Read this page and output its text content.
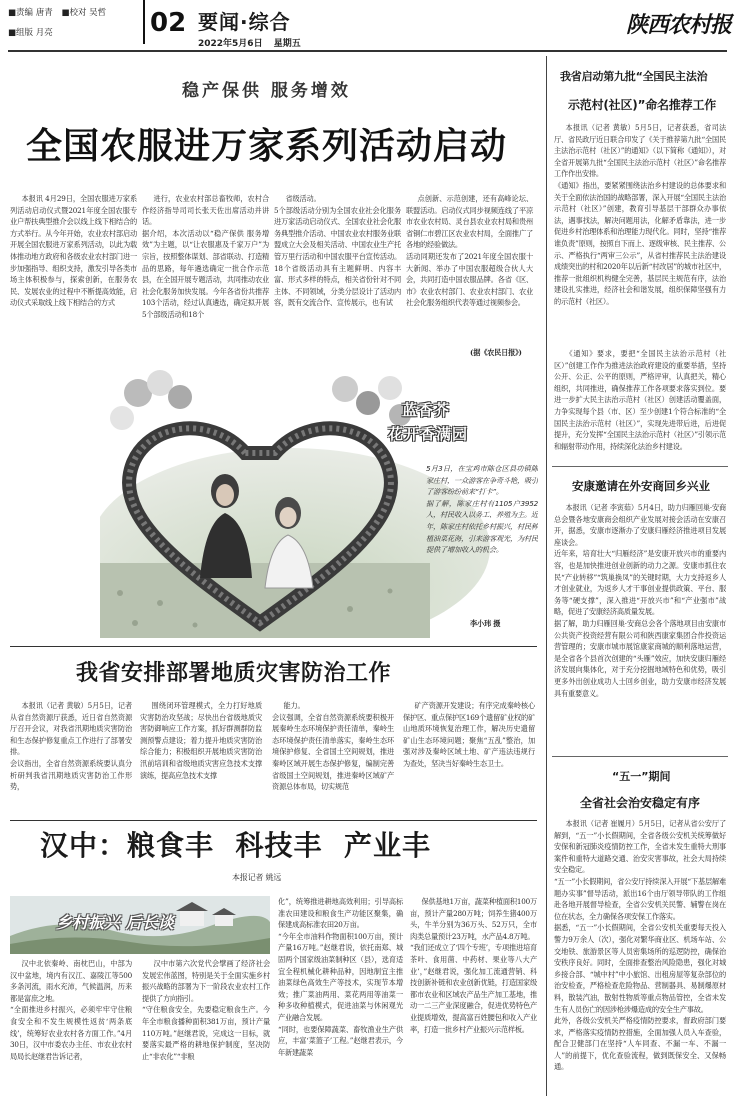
■责编 唐青 ■校对 吴哲
■组版 月亮	02 要闻·综合
2022年5月6日 星期五
陕西农村报
稳产保供 服务增效
全国农服进万家系列活动启动
本报讯 4月29日，全国农服进万家系列活动启动仪式暨2021年度全国农服专业户帮扶典型推介会以线上线下相结合的方式举行。从今年开始，农业农村部启动开展全国农服进万家系列活动，以此为载体推动地方政府和各级农业农村部门进一步加强指导、组织支持，激发引导各类市场主体积极参与，探索创新，在服务农民、发展农业的过程中不断提高效能，启动仪式采取线上线下相结合的方式
进行，农业农村部总畜牧师，农村合作经济指导司司长张天佐出席活动并讲话。
据介绍，本次活动以“稳产保供 服务增效”为主题，以“让农服惠及千家万户”为宗旨，按照整体谋划、部省联动、打造精品的思路，每年遴选确定一批合作示范县，在全国开展专题活动，共同推动农业社会化服务加快发展。今年各省份共推荐103个活动，经过认真遴选，确定拟开展5个部级活动和18个
省级活动。
5个部级活动分别为全国农业社会化服务进万家活动启动仪式、全国农业社会化服务典型推介活动、中国农业农村服务业联盟成立大会及相关活动、中国农业生产托管万里行活动和中国农服平台宣传活动。18个省级活动具有主题鲜明、内容丰富、形式多样的特点，相关省份针对不同主体、不同领域，分类分层设计了活动内容，既有交流合作、宣传展示，也有试
点创新、示范创建，还有高峰论坛、联盟活动。启动仪式同步视频连线了平凉市农业农村局、灵台县农业农村局和贵州省铜仁市碧江区农业农村局，全面推广了各地的经验做法。
活动同期还发布了2021年度全国农服十大新闻、举办了中国农服超级合伙人大会，共同打造中国农服品牌。各省《区、市》农业农村部门、农业农村部门、农业社会化服务组织代表等通过视频参会。
(据《农民日报》)
蓝香芥
花开香满园
5月3日，在宝鸡市陈仓区县功镇陈家庄村，一众游客在争奇斗艳，吸引了游客纷纷前来“打卡”。
据了解，陈家庄村有1105户3952人，村民收入以务工、养殖为主。近年，陈家庄村依托乡村振兴，村民种植油菜花海，引来游客观光，为村民提供了增加收入的机会。
李小玮 摄
我省安排部署地质灾害防治工作
本报讯（记者 黄敏）5月5日，记者从省自然资源厅获悉，近日省自然资源厅召开会议，对我省汛期地质灾害防治和生态保护修复重点工作进行了部署安排。
会议指出，全省自然资源系统要认真分析研判我省汛期地质灾害防治工作形势，
围绕闭环管理模式，全力打好地质灾害防治攻坚战；尽快出台省级地质灾害防御响应工作方案，抓好群测群防监测预警点建设；着力提升地质灾害防治综合能力；积极组织开展地质灾害防治汛前培训和省级地质灾害应急技术支撑演练，提高应急技术支撑
能力。
会议强调，全省自然资源系统要积极开展秦岭生态环境保护责任清单，秦岭生态环境保护责任清单落实，秦岭生态环境保护修复、全省国土空间规划，推进秦岭区域开展生态保护修复，编制完善省级国土空间规划，推进秦岭区域矿产资源总体布局，切实规范
矿产资源开发建设；有序完成秦岭核心保护区、重点保护区169个遗留矿业权的矿山地质环境恢复治理工作，解决历史遗留矿山生态环境问题；聚焦“五乱”整治，加强对涉及秦岭区域土地、矿产违法违规行为查处，坚决当好秦岭生态卫士。
汉中：粮食丰  科技丰  产业丰
本报记者 姚远
乡村振兴 后长谈
汉中北依秦岭、南枕巴山，中部为汉中盆地，境内有汉江、嘉陵江等500多条河流，雨水充沛，气候温润，历来都是富庶之地。
“全面推进乡村振兴，必须牢牢守住粮食安全和不发生规模性返贫‘两条底线’，统筹好农业农村各方面工作。”4月30日，汉中市委农办主任、市农业农村局局长赵继君告诉记者，
汉中市第六次党代会擘画了经济社会发展宏伟蓝图，特别是关于全面实施乡村振兴战略的部署为下一阶段农业农村工作提供了方向指引。
“守住粮食安全，先要稳定粮食生产。今年全市粮食播种面积381万亩，预计产量110万吨。”赵继君说，完成这一目标，就要落实最严格的耕地保护制度，坚决防止“非农化”“非粮
化”，统筹推进耕地高效利用；引导高标准农田建设和粮食生产功能区聚集，确保建成高标准农田20万亩。
“今年全市油料作物面积100万亩，预计产量16万吨。”赵继君说，依托南郑、城固两个国家级油菜制种区（县），选育适宜全程机械化耕种品种，因地制宜主推油菜绿色高效生产等技术，实现节本增效；推广菜油两用、菜花两用等油菜一种多收种植模式，促进油菜与休闲观光产业融合发展。
“同时，也要保障蔬菜、畜牧渔业生产供应，丰富‘菜篮子’工程。”赵继君表示，今年新建蔬菜
保供基地1万亩，蔬菜种植面积100万亩，预计产量280万吨；饲养生猪400万头，牛羊分别为36万头、52万只，全市肉类总量预计23万吨，水产品4.8万吨。
“我们还成立了‘四个专班’，专项推进培育茶叶、食用菌、中药材、果业等八大产业’，”赵继君说，强化加工流通营销、科技创新补链和农业创新优链，打造国家级都市农业和区域农产品生产加工基地，推动一二三产业深度融合，促进优势特色产业提质增效，提高富百姓腰包和收入产业率，打造一批乡村产业振兴示范样板。
我省启动第九批“全国民主法治
示范村(社区)”命名推荐工作
本报讯（记者 黄敏）5月5日，记者获悉，省司法厅、省民政厅近日联合印发了《关于推荐第九批“全国民主法治示范村（社区）”的通知》（以下简称《通知》），对全省开展第九批“全国民主法治示范村（社区）”命名推荐工作作出安排。
《通知》指出，要紧紧围绕法治乡村建设的总体要求和关于全面依法治国的战略部署，深入开展“全国民主法治示范村（社区）”创建，教育引导基层干部群众办事依法，遇事找法，解决问题用法，化解矛盾靠法，进一步促进乡村治理体系和治理能力现代化。同时，坚持“推荐谁负责”原则，按照自下而上、逐级审核、民主推荐、公示、严格执行“两审三公示”，从省村推荐民主法治建设成绩突出的村和2020年以后新“村改居”的城市社区中，推荐一批组织机构健全完善，基层民主规范有序，法治建设扎实推进，经济社会和谐发展，组织保障坚强有力的示范村（社区）。
《通知》要求，要把“全国民主法治示范村（社区）”创建工作作为推进法治政府建设的重要举措，坚持公开、公正、公平的原则，严格评审，认真把关，精心组织，共同推进，确保推荐工作各项要求落实到位。要进一步扩大民主法治示范村（社区）创建活动覆盖面，力争实现每个县（市、区）至少创建1个符合标准的“全国民主法治示范村（社区）”，实现先进带后进，后进促提升，充分发挥“全国民主法治示范村（社区）”引领示范和辐射带动作用，持续深化法治乡村建设。
安康邀请在外安商回乡兴业
本报讯（记者 李寅茹）5月4日，助力归雁回巢·安商总会暨各地安康商会组织产业发展对接会活动在安康召开，据悉，安康市逐渐办了安康归雁经济推进项目发展座谈会。
近年来，培育壮大“归雁经济”是安康开放兴市的重要内容，也是加快推进创业创新的动力之源。安康市抓住农民“产业转移”“筑巢换凤”的关键时期，大力支持返乡人才创业就业，为返乡人才干事创业提供政策、平台、服务等“硬支撑”，深入推进“开放兴市”和“产业强市”战略，促进了安康经济高质量发展。
据了解，助力归雁回巢·安商总会各个落地项目由安康市公共资产投资经营有限公司和陕西康家集团合作投资运营管理的；安康市城市展馆康家商城的顺利落地运营，是全省各个县首次创建的“头雁”效应，加快安康归雁经济发展向集体化，对于充分挖掘地域特色和优势，吸引更多外出创业成功人士回乡创业，助力安康市经济发展具有重要意义。
“五一”期间
全省社会治安稳定有序
本报讯（记者 崔履月）5月5日，记者从省公安厅了解到，“五一”小长假期间，全省各级公安机关统筹做好安保和新冠肺炎疫情防控工作，全省未发生重特大刑事案件和重特大道路交通、治安灾害事故，社会大局持续安全稳定。
“五一”小长假期间，省公安厅持续深入开展“下基层解难题办实事”督导活动，派出16个由厅领导带队的工作组赴各地开展督导检查，全省公安机关民警、辅警在岗在位在状态，全力确保各项安保工作落实。
据悉，“五一”小长假期间，全省公安机关重要每天投入警力9万余人（次），强化对繁华商业区、机场车站、公交地铁、旅游景区等人员密集场所的巡逻防控，确保治安秩序良好。同时，全面排查整治风险隐患，强化对城乡接合部、“城中村”中小旅馆、出租房屋等复杂部位的治安检查，严格检查危险物品、营制器具、易制爆原材料，散装汽油，散射性物质等重点物品管控，全省未发生有人员伤亡的因涉枪涉爆造成的安全生产事故。
此外，各级公安机关严格疫情防控要求，督政府部门要求，严格落实疫情防控措施，全面加强人员入车查验，配合卫健部门在坚持“人车同查、不漏一车、不漏一人”的前提下，优化查验流程，做到既保安全、又保畅通。
